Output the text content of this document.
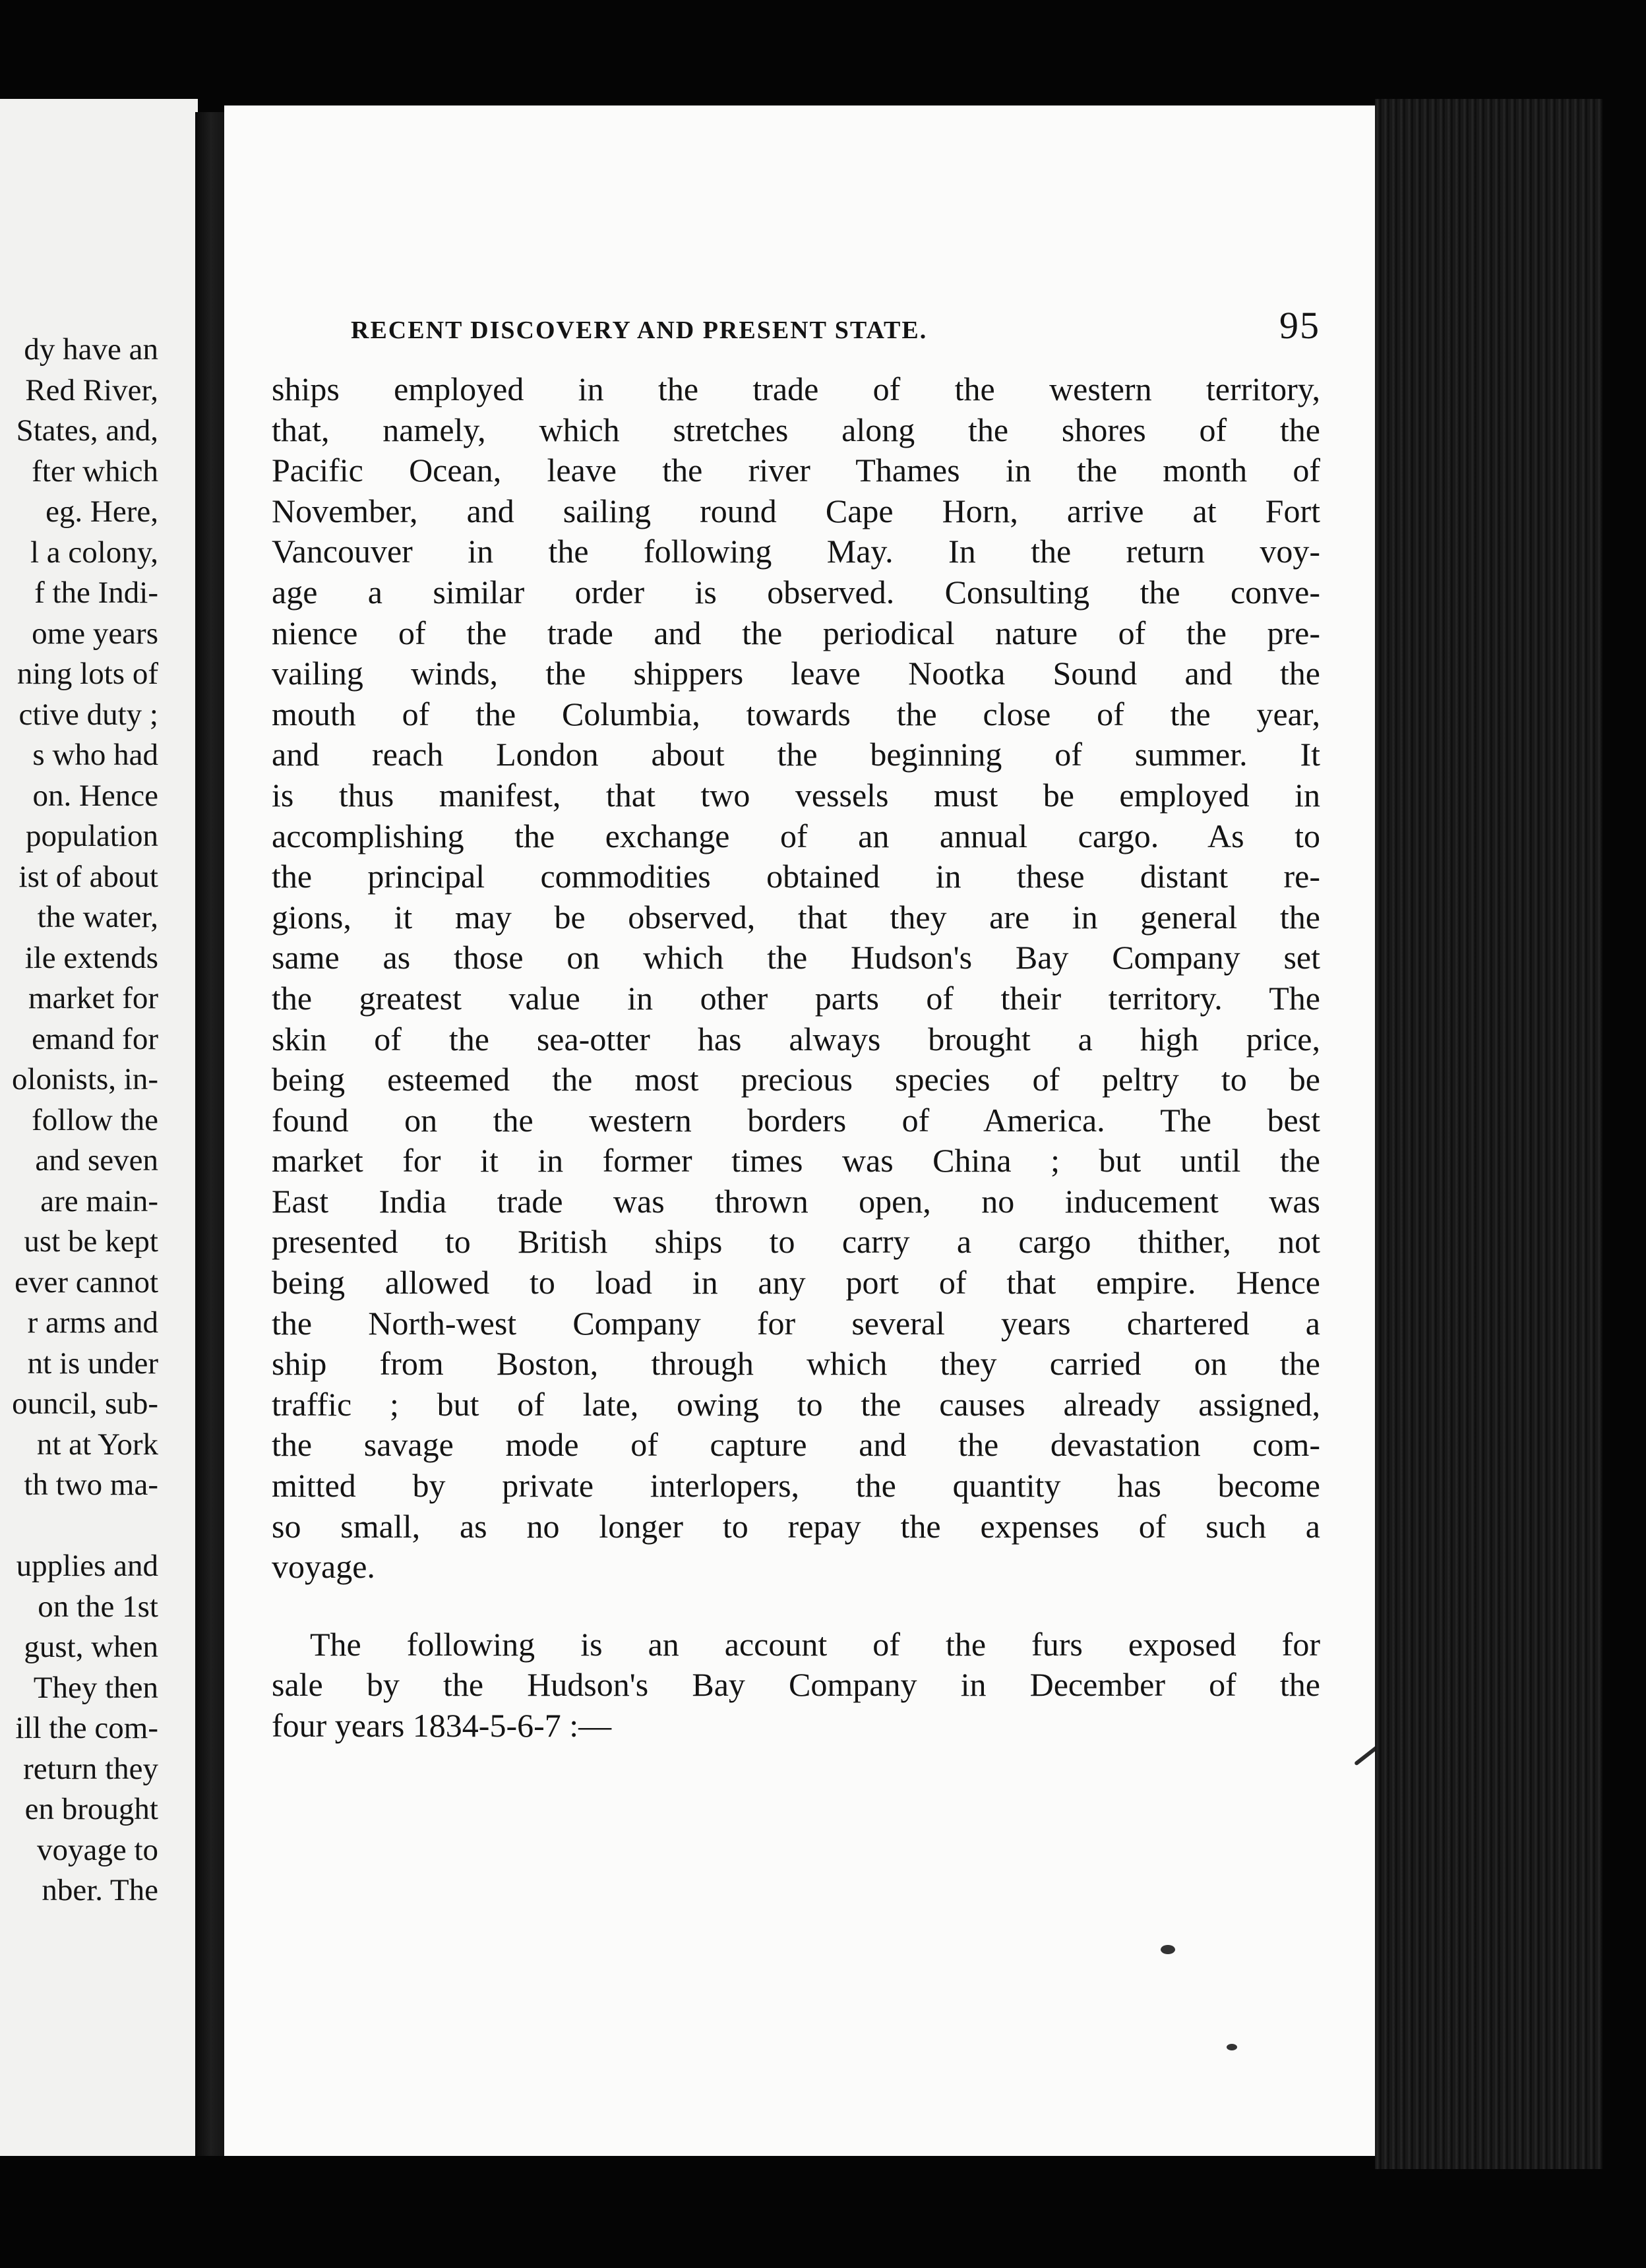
dy have an
Red River,
States, and,
fter which
eg. Here,
l a colony,
f the Indi-
ome years
ning lots of
ctive duty ;
s who had
on. Hence
population
ist of about
the water,
ile extends
market for
emand for
olonists, in-
follow the
and seven
are main-
ust be kept
ever cannot
r arms and
nt is under
ouncil, sub-
nt at York
th two ma-
upplies and
on the 1st
gust, when
They then
ill the com-
return they
en brought
voyage to
nber. The
RECENT DISCOVERY AND PRESENT STATE.	95
ships employed in the trade of the western territory,
that, namely, which stretches along the shores of the
Pacific Ocean, leave the river Thames in the month of
November, and sailing round Cape Horn, arrive at Fort
Vancouver in the following May. In the return voy-
age a similar order is observed. Consulting the conve-
nience of the trade and the periodical nature of the pre-
vailing winds, the shippers leave Nootka Sound and the
mouth of the Columbia, towards the close of the year,
and reach London about the beginning of summer. It
is thus manifest, that two vessels must be employed in
accomplishing the exchange of an annual cargo. As to
the principal commodities obtained in these distant re-
gions, it may be observed, that they are in general the
same as those on which the Hudson's Bay Company set
the greatest value in other parts of their territory. The
skin of the sea-otter has always brought a high price,
being esteemed the most precious species of peltry to be
found on the western borders of America. The best
market for it in former times was China ; but until the
East India trade was thrown open, no inducement was
presented to British ships to carry a cargo thither, not
being allowed to load in any port of that empire. Hence
the North-west Company for several years chartered a
ship from Boston, through which they carried on the
traffic ; but of late, owing to the causes already assigned,
the savage mode of capture and the devastation com-
mitted by private interlopers, the quantity has become
so small, as no longer to repay the expenses of such a
voyage.
The following is an account of the furs exposed for
sale by the Hudson's Bay Company in December of the
four years 1834-5-6-7 :—
